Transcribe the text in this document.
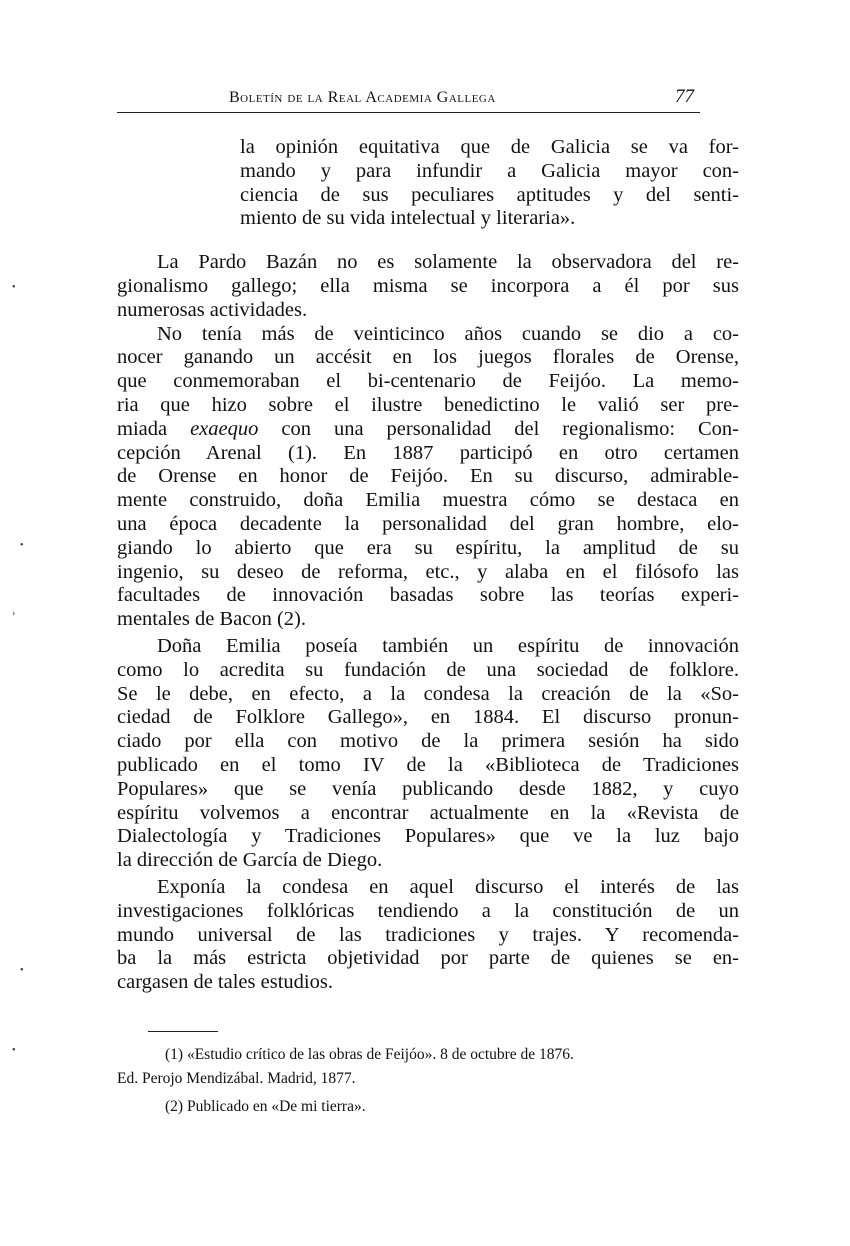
Boletín de la Real Academia Gallega	77
la opinión equitativa que de Galicia se va for-
mando y para infundir a Galicia mayor con-
ciencia de sus peculiares aptitudes y del senti-
miento de su vida intelectual y literaria».
La Pardo Bazán no es solamente la observadora del re-
gionalismo gallego; ella misma se incorpora a él por sus
numerosas actividades.
No tenía más de veinticinco años cuando se dio a co-
nocer ganando un accésit en los juegos florales de Orense,
que conmemoraban el bi-centenario de Feijóo. La memo-
ria que hizo sobre el ilustre benedictino le valió ser pre-
miada exaequo con una personalidad del regionalismo: Con-
cepción Arenal (1). En 1887 participó en otro certamen
de Orense en honor de Feijóo. En su discurso, admirable-
mente construido, doña Emilia muestra cómo se destaca en
una época decadente la personalidad del gran hombre, elo-
giando lo abierto que era su espíritu, la amplitud de su
ingenio, su deseo de reforma, etc., y alaba en el filósofo las
facultades de innovación basadas sobre las teorías experi-
mentales de Bacon (2).
Doña Emilia poseía también un espíritu de innovación
como lo acredita su fundación de una sociedad de folklore.
Se le debe, en efecto, a la condesa la creación de la «So-
ciedad de Folklore Gallego», en 1884. El discurso pronun-
ciado por ella con motivo de la primera sesión ha sido
publicado en el tomo IV de la «Biblioteca de Tradiciones
Populares» que se venía publicando desde 1882, y cuyo
espíritu volvemos a encontrar actualmente en la «Revista de
Dialectología y Tradiciones Populares» que ve la luz bajo
la dirección de García de Diego.
Exponía la condesa en aquel discurso el interés de las
investigaciones folklóricas tendiendo a la constitución de un
mundo universal de las tradiciones y trajes. Y recomenda-
ba la más estricta objetividad por parte de quienes se en-
cargasen de tales estudios.
(1) «Estudio crítico de las obras de Feijóo». 8 de octubre de 1876.
Ed. Perojo Mendizábal. Madrid, 1877.
(2) Publicado en «De mi tierra».
•
•
›
•
•
